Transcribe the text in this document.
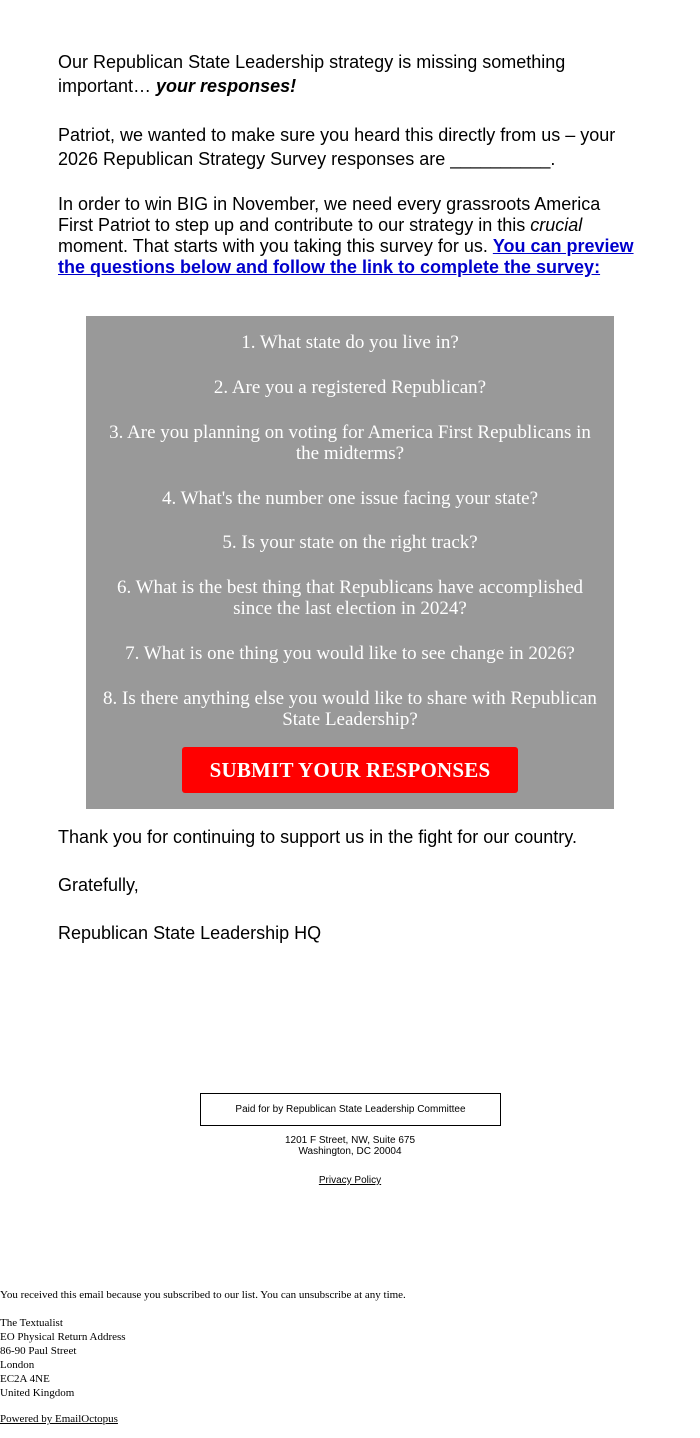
Our Republican State Leadership strategy is missing something important… your responses!
Patriot, we wanted to make sure you heard this directly from us – your
2026 Republican Strategy Survey responses are __________.
In order to win BIG in November, we need every grassroots America First Patriot to step up and contribute to our strategy in this crucial moment. That starts with you taking this survey for us. You can preview the questions below and follow the link to complete the survey:
1. What state do you live in?
2. Are you a registered Republican?
3. Are you planning on voting for America First Republicans in the midterms?
4. What's the number one issue facing your state?
5. Is your state on the right track?
6. What is the best thing that Republicans have accomplished since the last election in 2024?
7. What is one thing you would like to see change in 2026?
8. Is there anything else you would like to share with Republican State Leadership?
SUBMIT YOUR RESPONSES
Thank you for continuing to support us in the fight for our country.
Gratefully,
Republican State Leadership HQ
Paid for by Republican State Leadership Committee
1201 F Street, NW, Suite 675
Washington, DC 20004
Privacy Policy
You received this email because you subscribed to our list. You can unsubscribe at any time.
The Textualist
EO Physical Return Address
86-90 Paul Street
London
EC2A 4NE
United Kingdom
Powered by EmailOctopus
